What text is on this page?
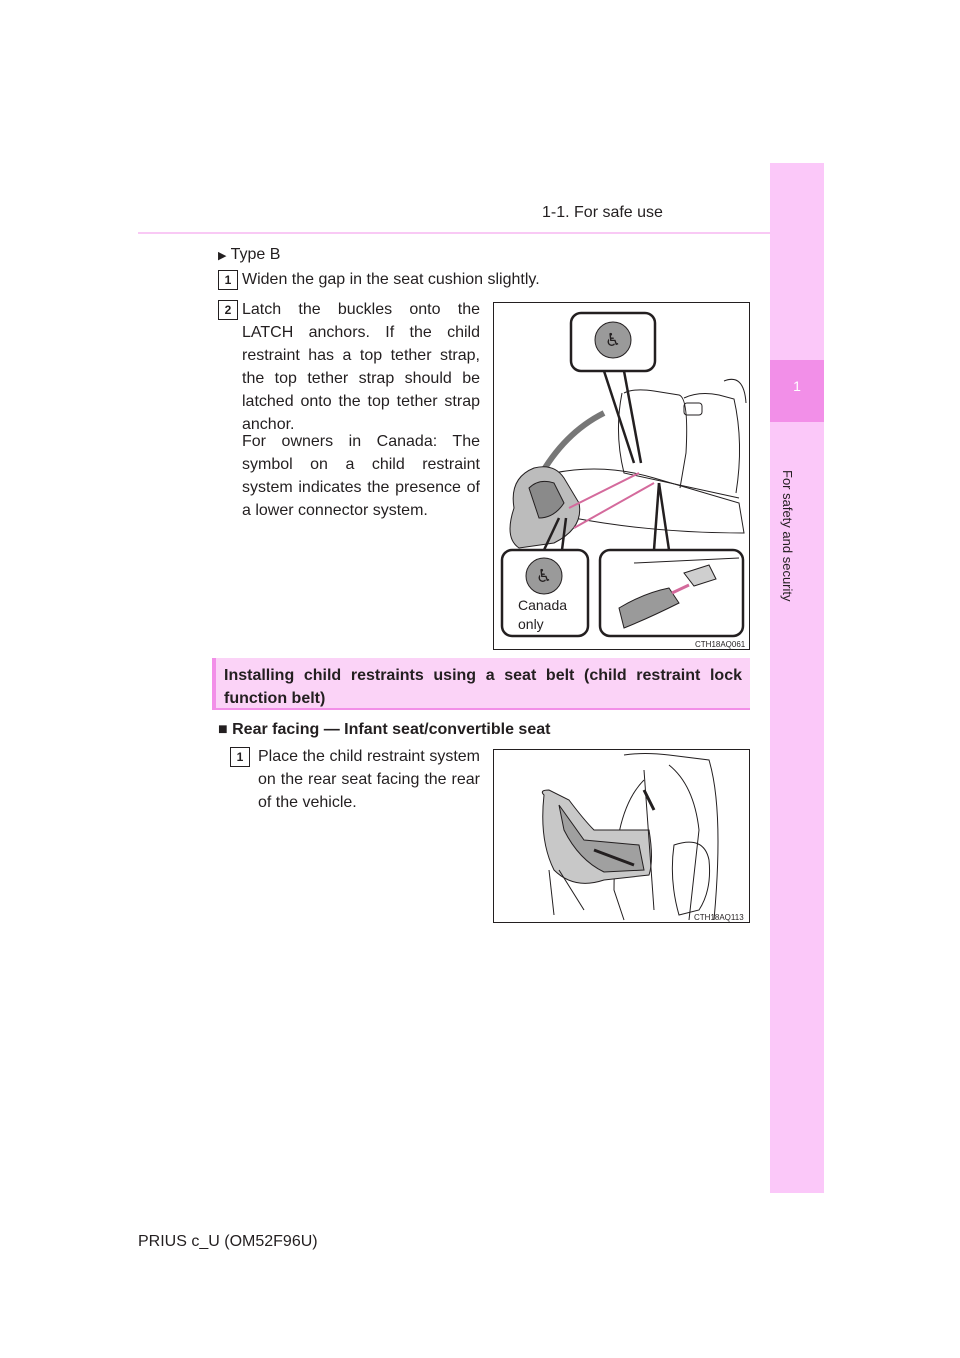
1-1. For safe use
1
For safety and security
▶ Type B
1 Widen the gap in the seat cushion slightly.
2 Latch the buckles onto the LATCH anchors. If the child restraint has a top tether strap, the top tether strap should be latched onto the top tether strap anchor.
For owners in Canada: The symbol on a child restraint system indicates the presence of a lower connector system.
♿
♿
Canada only
CTH18AQ061
Installing child restraints using a seat belt (child restraint lock function belt)
■ Rear facing — Infant seat/convertible seat
1 Place the child restraint system on the rear seat facing the rear of the vehicle.
CTH18AQ113
PRIUS c_U (OM52F96U)
